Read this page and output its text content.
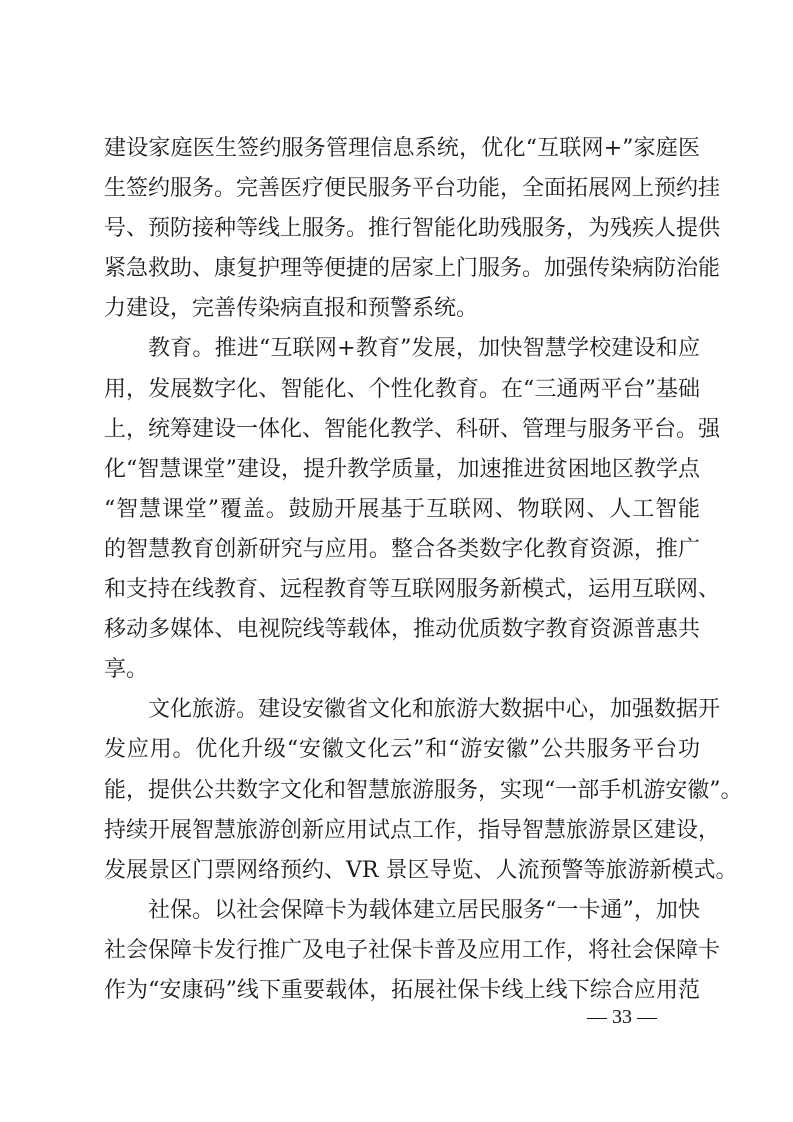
建设家庭医生签约服务管理信息系统，优化“互联网+”家庭医
生签约服务。完善医疗便民服务平台功能，全面拓展网上预约挂
号、预防接种等线上服务。推行智能化助残服务，为残疾人提供
紧急救助、康复护理等便捷的居家上门服务。加强传染病防治能
力建设，完善传染病直报和预警系统。
教育。推进“互联网+教育”发展，加快智慧学校建设和应
用，发展数字化、智能化、个性化教育。在“三通两平台”基础
上，统筹建设一体化、智能化教学、科研、管理与服务平台。强
化“智慧课堂”建设，提升教学质量，加速推进贫困地区教学点
“智慧课堂”覆盖。鼓励开展基于互联网、物联网、人工智能
的智慧教育创新研究与应用。整合各类数字化教育资源，推广
和支持在线教育、远程教育等互联网服务新模式，运用互联网、
移动多媒体、电视院线等载体，推动优质数字教育资源普惠共
享。
文化旅游。建设安徽省文化和旅游大数据中心，加强数据开
发应用。优化升级“安徽文化云”和“游安徽”公共服务平台功
能，提供公共数字文化和智慧旅游服务，实现“一部手机游安徽”。
持续开展智慧旅游创新应用试点工作，指导智慧旅游景区建设，
发展景区门票网络预约、VR 景区导览、人流预警等旅游新模式。
社保。以社会保障卡为载体建立居民服务“一卡通”，加快
社会保障卡发行推广及电子社保卡普及应用工作，将社会保障卡
作为“安康码”线下重要载体，拓展社保卡线上线下综合应用范
— 33 —
